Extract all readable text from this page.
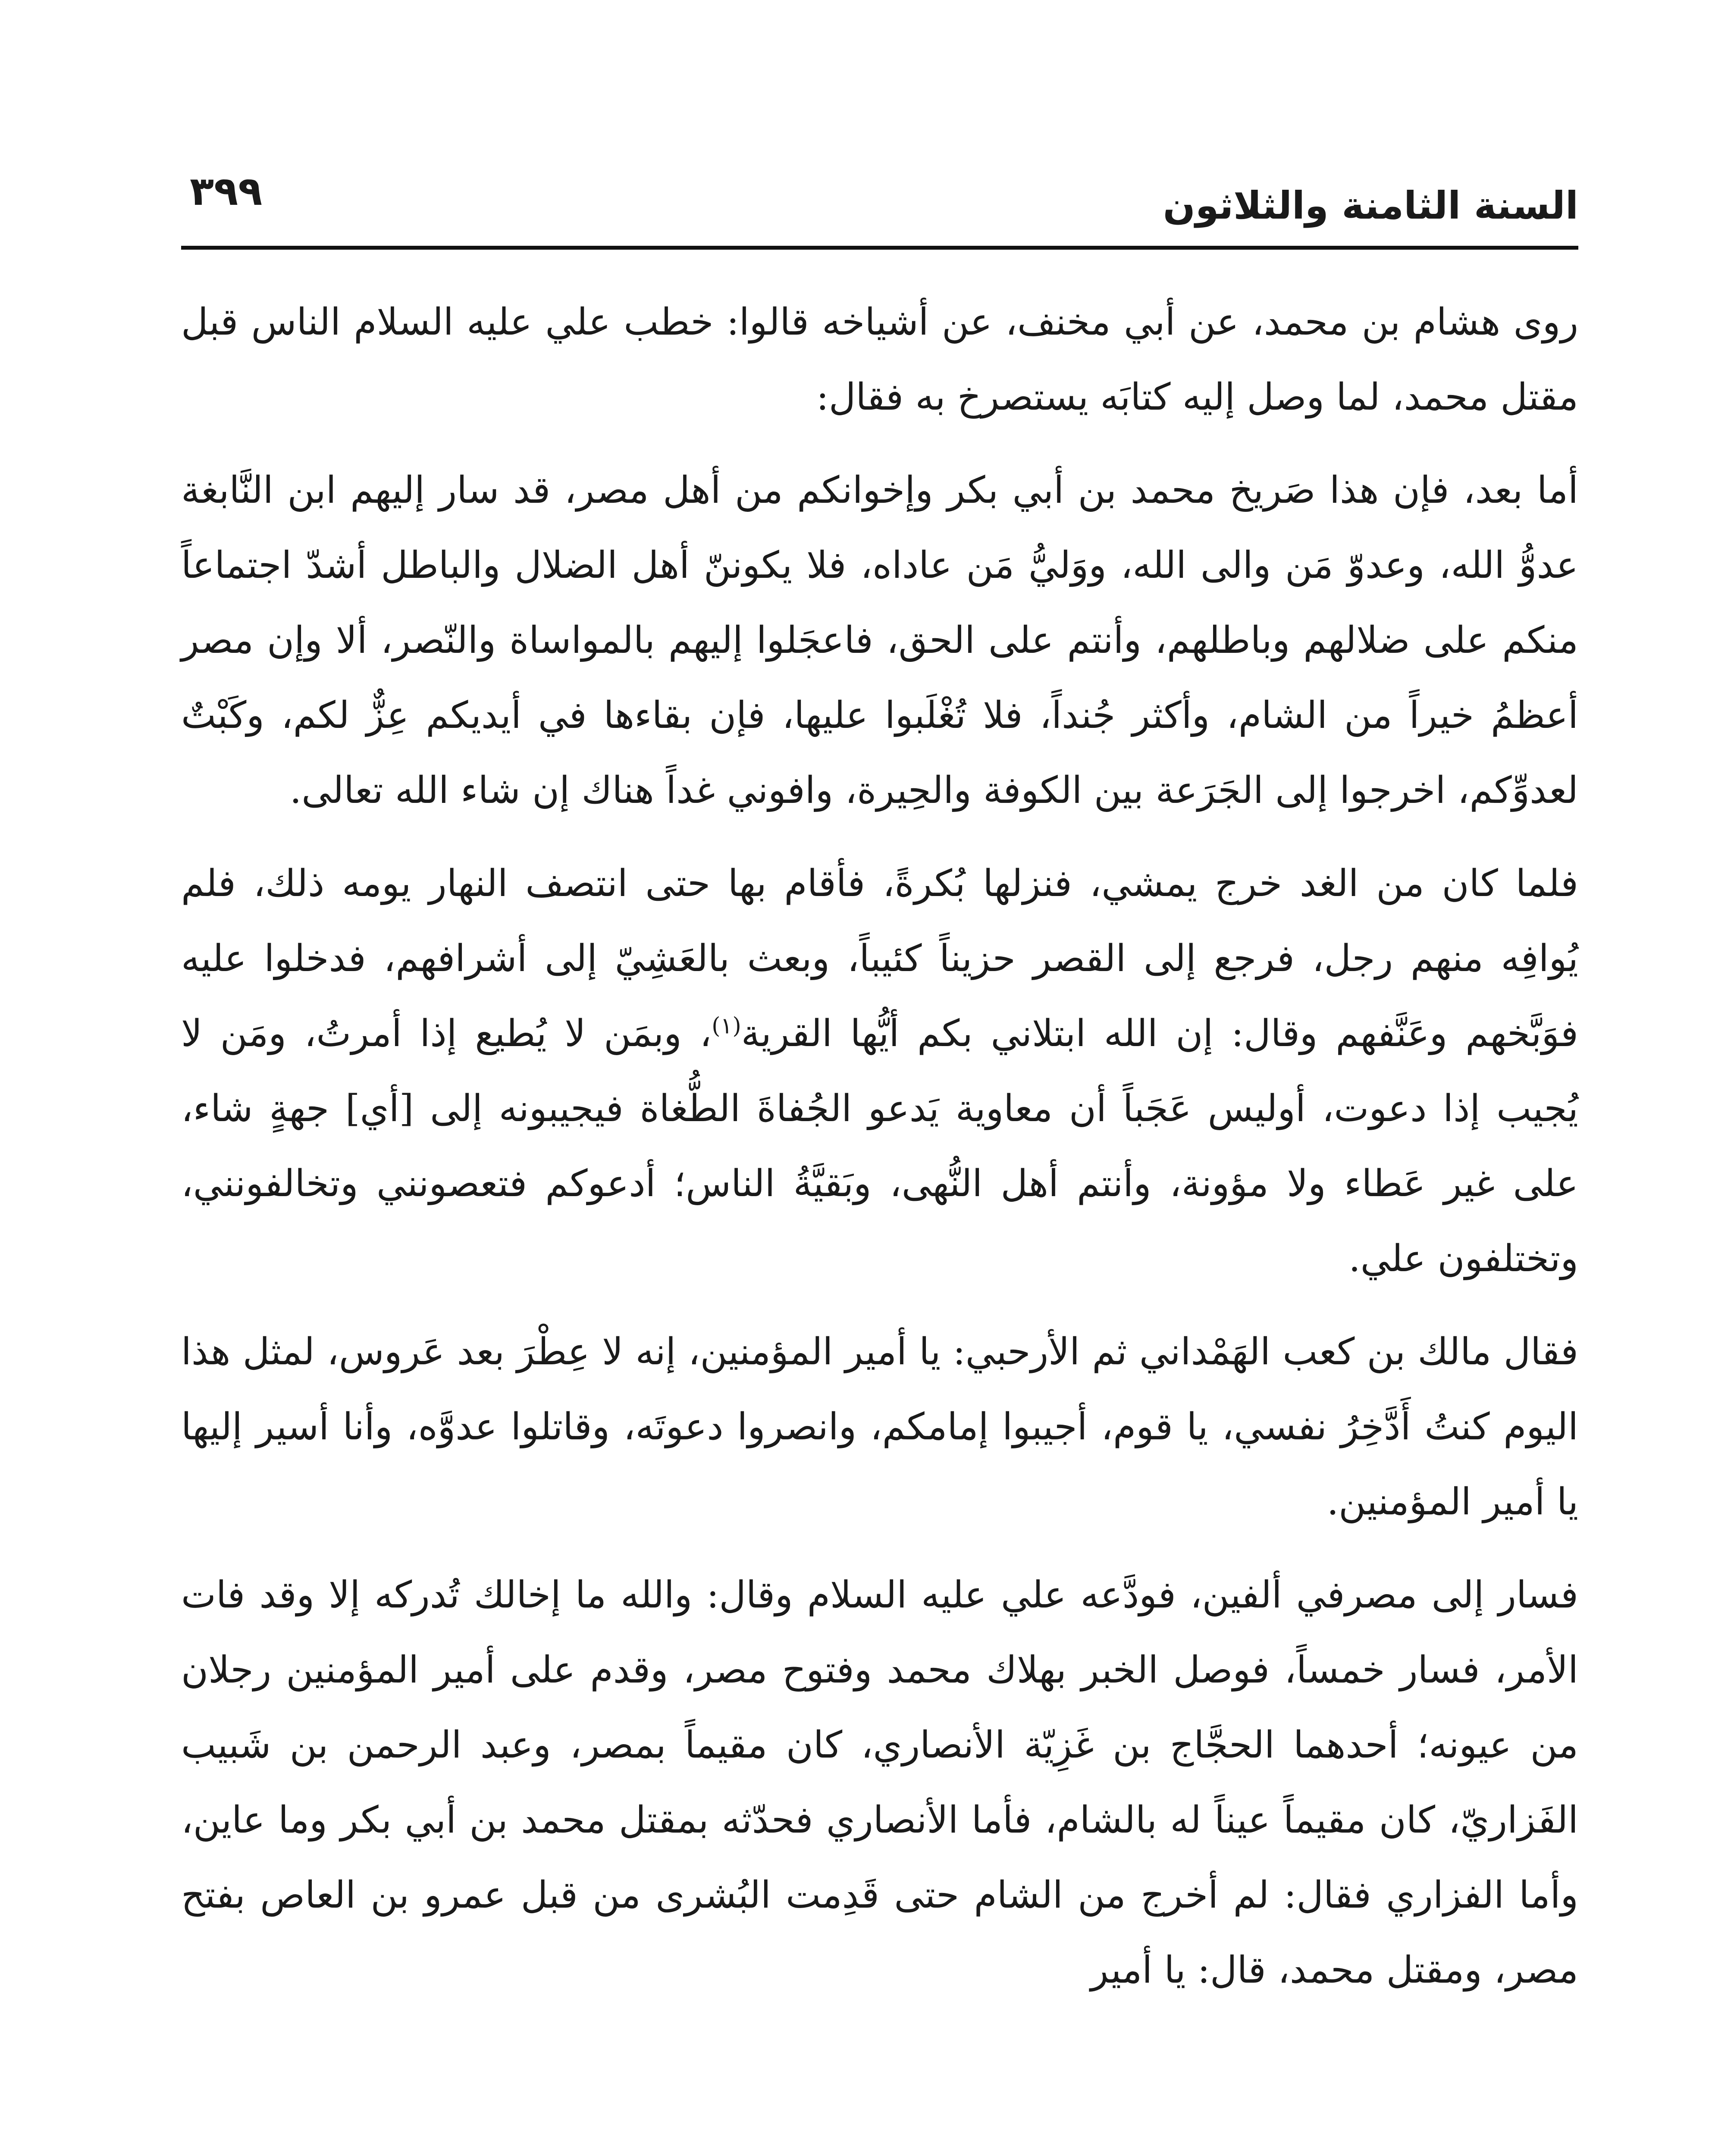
السنة الثامنة والثلاثون
٣٩٩

روى هشام بن محمد، عن أبي مخنف، عن أشياخه قالوا: خطب علي عليه السلام الناس قبل مقتل محمد، لما وصل إليه كتابَه يستصرخ به فقال:

أما بعد، فإن هذا صَريخ محمد بن أبي بكر وإخوانكم من أهل مصر، قد سار إليهم ابن النَّابغة عدوُّ الله، وعدوّ مَن والى الله، ووَليُّ مَن عاداه، فلا يكوننّ أهل الضلال والباطل أشدّ اجتماعاً منكم على ضلالهم وباطلهم، وأنتم على الحق، فاعجَلوا إليهم بالمواساة والنّصر، ألا وإن مصر أعظمُ خيراً من الشام، وأكثر جُنداً، فلا تُغْلَبوا عليها، فإن بقاءها في أيديكم عِزٌّ لكم، وكَبْتٌ لعدوِّكم، اخرجوا إلى الجَرَعة بين الكوفة والحِيرة، وافوني غداً هناك إن شاء الله تعالى.

فلما كان من الغد خرج يمشي، فنزلها بُكرةً، فأقام بها حتى انتصف النهار يومه ذلك، فلم يُوافِه منهم رجل، فرجع إلى القصر حزيناً كئيباً، وبعث بالعَشِيّ إلى أشرافهم، فدخلوا عليه فوَبَّخهم وعَنَّفهم وقال: إن الله ابتلاني بكم أيُّها القرية$^{(١)}$، وبمَن لا يُطيع إذا أمرتُ، ومَن لا يُجيب إذا دعوت، أوليس عَجَباً أن معاوية يَدعو الجُفاةَ الطُّغاة فيجيبونه إلى [أي] جهةٍ شاء، على غير عَطاء ولا مؤونة، وأنتم أهل النُّهى، وبَقيَّةُ الناس؛ أدعوكم فتعصونني وتخالفونني، وتختلفون علي.

فقال مالك بن كعب الهَمْداني ثم الأرحبي: يا أمير المؤمنين، إنه لا عِطْرَ بعد عَروس، لمثل هذا اليوم كنتُ أَدَّخِرُ نفسي، يا قوم، أجيبوا إمامكم، وانصروا دعوتَه، وقاتلوا عدوَّه، وأنا أسير إليها يا أمير المؤمنين.

فسار إلى مصرفي ألفين، فودَّعه علي عليه السلام وقال: والله ما إخالك تُدركه إلا وقد فات الأمر، فسار خمساً، فوصل الخبر بهلاك محمد وفتوح مصر، وقدم على أمير المؤمنين رجلان من عيونه؛ أحدهما الحجَّاج بن غَزِيّة الأنصاري، كان مقيماً بمصر، وعبد الرحمن بن شَبيب الفَزاريّ، كان مقيماً عيناً له بالشام، فأما الأنصاري فحدّثه بمقتل محمد بن أبي بكر وما عاين، وأما الفزاري فقال: لم أخرج من الشام حتى قَدِمت البُشرى من قبل عمرو بن العاص بفتح مصر، ومقتل محمد، قال: يا أمير
